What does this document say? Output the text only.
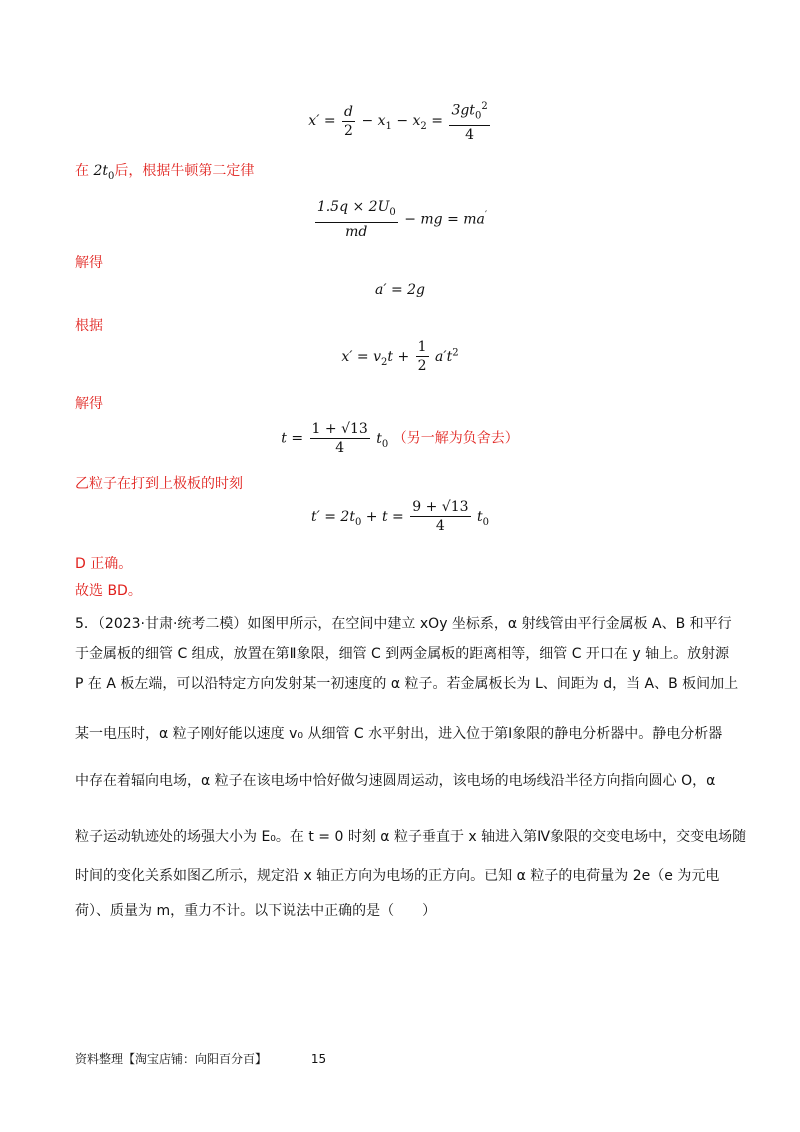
$x' = \frac{d}{2} - x_1 - x_2 = \frac{3gt_0^2}{4}$
在 $2t_0$后，根据牛顿第二定律
$\frac{1.5q \times 2U_0}{md}$ − mg = ma′
解得
a′ = 2g
根据
$x' = v_2t + \frac{1}{2} a't^2$
解得
$t = \frac{1 + √13}{4} t_0$ （另一解为负舍去）
乙粒子在打到上极板的时刻
$t' = 2t_0 + t = \frac{9 + √13}{4} t_0$
D 正确。
故选 BD。
5．（2023·甘肃·统考二模）如图甲所示，在空间中建立 xOy 坐标系，α 射线管由平行金属板 A、B 和平行
于金属板的细管 C 组成，放置在第Ⅱ象限，细管 C 到两金属板的距离相等，细管 C 开口在 y 轴上。放射源
P 在 A 板左端，可以沿特定方向发射某一初速度的 α 粒子。若金属板长为 L、间距为 d，当 A、B 板间加上
某一电压时，α 粒子刚好能以速度 v₀ 从细管 C 水平射出，进入位于第Ⅰ象限的静电分析器中。静电分析器
中存在着辐向电场，α 粒子在该电场中恰好做匀速圆周运动，该电场的电场线沿半径方向指向圆心 O，α
粒子运动轨迹处的场强大小为 E₀。在 t = 0 时刻 α 粒子垂直于 x 轴进入第Ⅳ象限的交变电场中，交变电场随
时间的变化关系如图乙所示，规定沿 x 轴正方向为电场的正方向。已知 α 粒子的电荷量为 2e（e 为元电
荷）、质量为 m，重力不计。以下说法中正确的是（　　）
资料整理【淘宝店铺：向阳百分百】	15
